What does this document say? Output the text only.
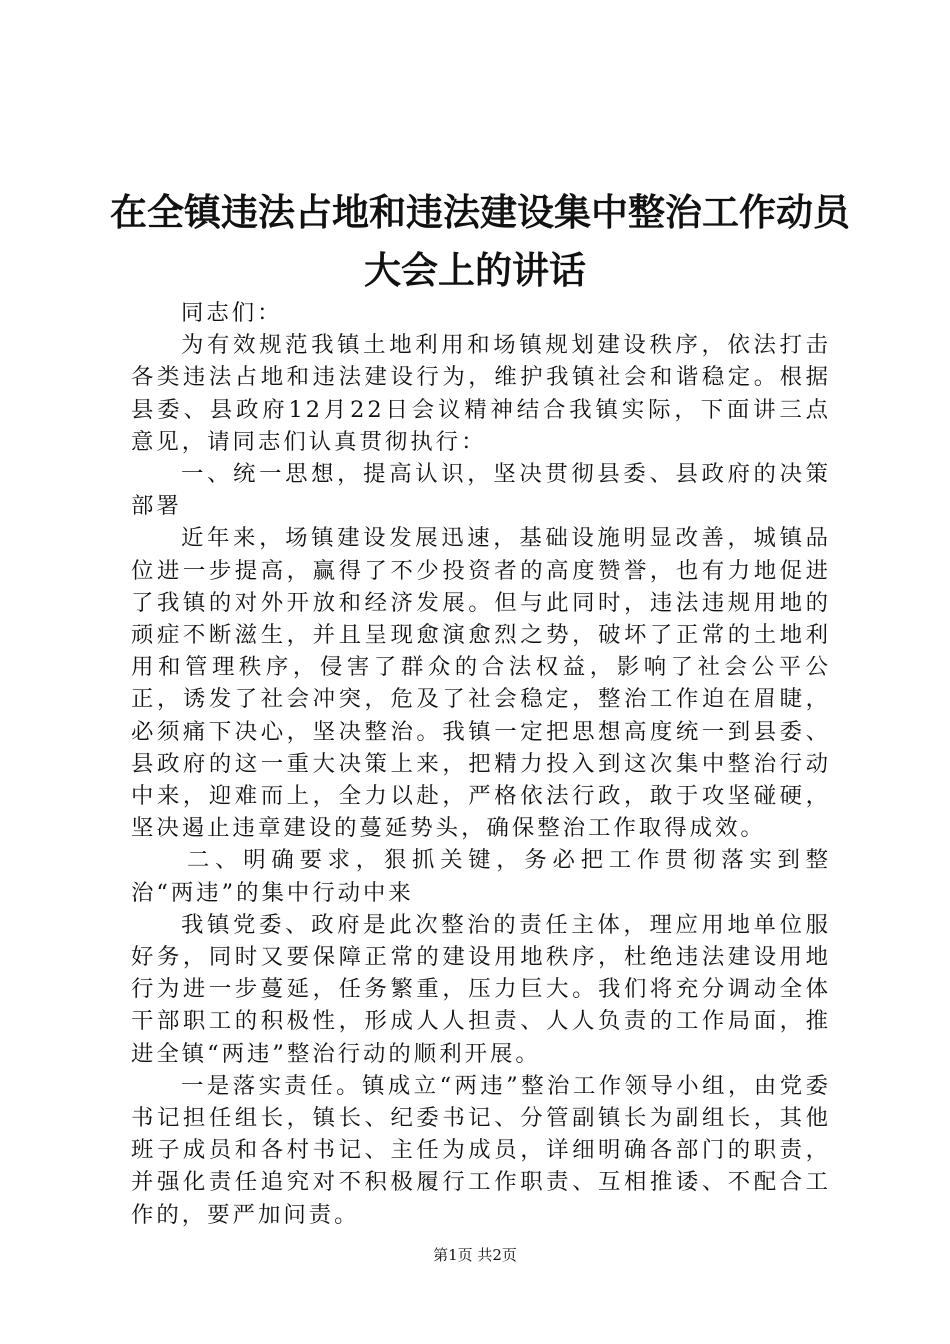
在全镇违法占地和违法建设集中整治工作动员
大会上的讲话

同志们：

为有效规范我镇土地利用和场镇规划建设秩序，依法打击各类违法占地和违法建设行为，维护我镇社会和谐稳定。根据县委、县政府12月22日会议精神结合我镇实际，下面讲三点意见，请同志们认真贯彻执行：

一、统一思想，提高认识，坚决贯彻县委、县政府的决策部署

近年来，场镇建设发展迅速，基础设施明显改善，城镇品位进一步提高，赢得了不少投资者的高度赞誉，也有力地促进了我镇的对外开放和经济发展。但与此同时，违法违规用地的顽症不断滋生，并且呈现愈演愈烈之势，破坏了正常的土地利用和管理秩序，侵害了群众的合法权益，影响了社会公平公正，诱发了社会冲突，危及了社会稳定，整治工作迫在眉睫，必须痛下决心，坚决整治。我镇一定把思想高度统一到县委、县政府的这一重大决策上来，把精力投入到这次集中整治行动中来，迎难而上，全力以赴，严格依法行政，敢于攻坚碰硬，坚决遏止违章建设的蔓延势头，确保整治工作取得成效。

二、明确要求，狠抓关键，务必把工作贯彻落实到整治“两违”的集中行动中来

我镇党委、政府是此次整治的责任主体，理应用地单位服好务，同时又要保障正常的建设用地秩序，杜绝违法建设用地行为进一步蔓延，任务繁重，压力巨大。我们将充分调动全体干部职工的积极性，形成人人担责、人人负责的工作局面，推进全镇“两违”整治行动的顺利开展。

一是落实责任。镇成立“两违”整治工作领导小组，由党委书记担任组长，镇长、纪委书记、分管副镇长为副组长，其他班子成员和各村书记、主任为成员，详细明确各部门的职责，并强化责任追究对不积极履行工作职责、互相推诿、不配合工作的，要严加问责。

第1页 共2页
